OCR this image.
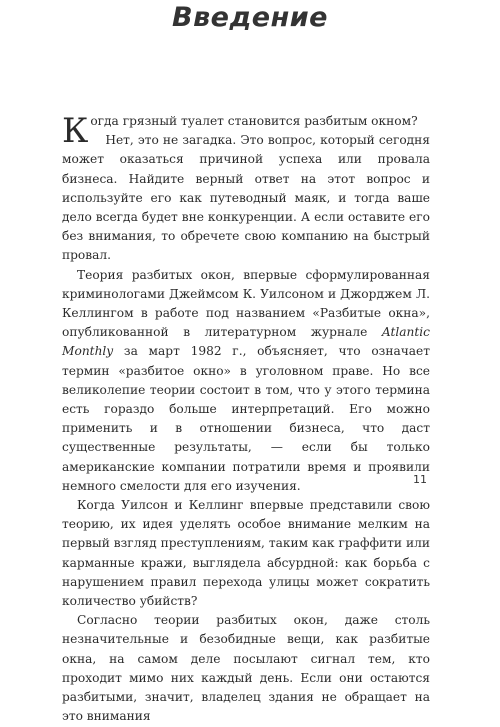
Введение

Когда грязный туалет становится разбитым окном?

Нет, это не загадка. Это вопрос, который сегодня может оказаться причиной успеха или провала бизнеса. Найдите верный ответ на этот вопрос и используйте его как путеводный маяк, и тогда ваше дело всегда будет вне конкуренции. А если оставите его без внимания, то обречете свою компанию на быстрый провал.

Теория разбитых окон, впервые сформулированная криминологами Джеймсом К. Уилсоном и Джорджем Л. Келлингом в работе под названием «Разбитые окна», опубликованной в литературном журнале Atlantic Monthly за март 1982 г., объясняет, что означает термин «разбитое окно» в уголовном праве. Но все великолепие теории состоит в том, что у этого термина есть гораздо больше интерпретаций. Его можно применить и в отношении бизнеса, что даст существенные результаты, — если бы только американские компании потратили время и проявили немного смелости для его изучения.

Когда Уилсон и Келлинг впервые представили свою теорию, их идея уделять особое внимание мелким на первый взгляд преступлениям, таким как граффити или карманные кражи, выглядела абсурдной: как борьба с нарушением правил перехода улицы может сократить количество убийств?

Согласно теории разбитых окон, даже столь незначительные и безобидные вещи, как разбитые окна, на самом деле посылают сигнал тем, кто проходит мимо них каждый день. Если они остаются разбитыми, значит, владелец здания не обращает на это внимания

11
